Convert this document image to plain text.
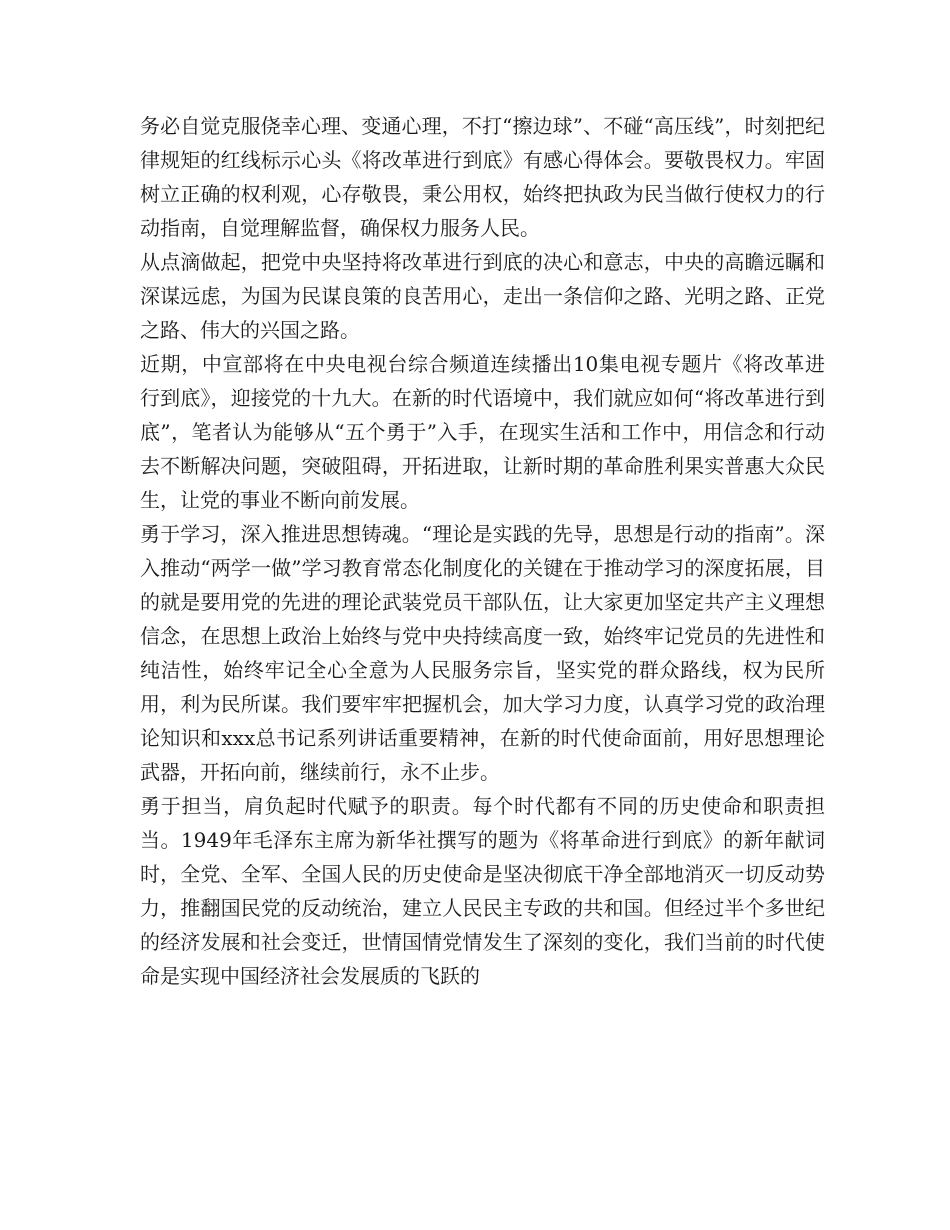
务必自觉克服侥幸心理、变通心理，不打“擦边球”、不碰“高压线”，时刻把纪律规矩的红线标示心头《将改革进行到底》有感心得体会。要敬畏权力。牢固树立正确的权利观，心存敬畏，秉公用权，始终把执政为民当做行使权力的行动指南，自觉理解监督，确保权力服务人民。

从点滴做起，把党中央坚持将改革进行到底的决心和意志，中央的高瞻远瞩和深谋远虑，为国为民谋良策的良苦用心，走出一条信仰之路、光明之路、正党之路、伟大的兴国之路。

近期，中宣部将在中央电视台综合频道连续播出10集电视专题片《将改革进行到底》，迎接党的十九大。在新的时代语境中，我们就应如何“将改革进行到底”，笔者认为能够从“五个勇于”入手，在现实生活和工作中，用信念和行动去不断解决问题，突破阻碍，开拓进取，让新时期的革命胜利果实普惠大众民生，让党的事业不断向前发展。

勇于学习，深入推进思想铸魂。“理论是实践的先导，思想是行动的指南”。深入推动“两学一做”学习教育常态化制度化的关键在于推动学习的深度拓展，目的就是要用党的先进的理论武装党员干部队伍，让大家更加坚定共产主义理想信念，在思想上政治上始终与党中央持续高度一致，始终牢记党员的先进性和纯洁性，始终牢记全心全意为人民服务宗旨，坚实党的群众路线，权为民所用，利为民所谋。我们要牢牢把握机会，加大学习力度，认真学习党的政治理论知识和xxx总书记系列讲话重要精神，在新的时代使命面前，用好思想理论武器，开拓向前，继续前行，永不止步。

勇于担当，肩负起时代赋予的职责。每个时代都有不同的历史使命和职责担当。1949年毛泽东主席为新华社撰写的题为《将革命进行到底》的新年献词时，全党、全军、全国人民的历史使命是坚决彻底干净全部地消灭一切反动势力，推翻国民党的反动统治，建立人民民主专政的共和国。但经过半个多世纪的经济发展和社会变迁，世情国情党情发生了深刻的变化，我们当前的时代使命是实现中国经济社会发展质的飞跃的
